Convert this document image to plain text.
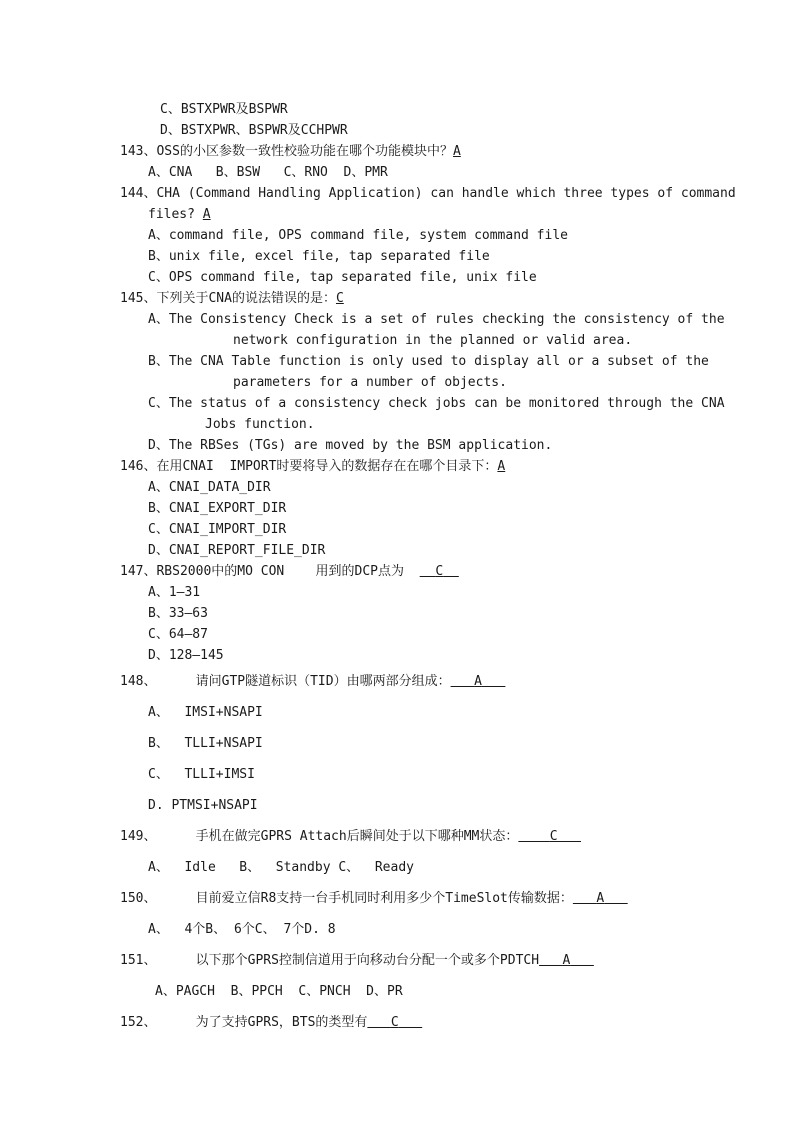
C、BSTXPWR及BSPWR
D、BSTXPWR、BSPWR及CCHPWR
143、OSS的小区参数一致性校验功能在哪个功能模块中？A
A、CNA   B、BSW   C、RNO  D、PMR
144、CHA (Command Handling Application) can handle which three types of command
files? A
A、command file, OPS command file, system command file
B、unix file, excel file, tap separated file
C、OPS command file, tap separated file, unix file
145、下列关于CNA的说法错误的是：C
A、The Consistency Check is a set of rules checking the consistency of the
network configuration in the planned or valid area.
B、The CNA Table function is only used to display all or a subset of the
parameters for a number of objects.
C、The status of a consistency check jobs can be monitored through the CNA
Jobs function.
D、The RBSes (TGs) are moved by the BSM application.
146、在用CNAI  IMPORT时要将导入的数据存在在哪个目录下：A
A、CNAI_DATA_DIR
B、CNAI_EXPORT_DIR
C、CNAI_IMPORT_DIR
D、CNAI_REPORT_FILE_DIR
147、RBS2000中的MO CON    用到的DCP点为    C
A、1—31
B、33—63
C、64—87
D、128—145
148、     请问GTP隧道标识（TID）由哪两部分组成： A
A、  IMSI+NSAPI
B、  TLLI+NSAPI
C、  TLLI+IMSI
D. PTMSI+NSAPI
149、     手机在做完GPRS Attach后瞬间处于以下哪种MM状态： C
A、  Idle   B、  Standby C、  Ready
150、     目前爱立信R8支持一台手机同时利用多少个TimeSlot传输数据： A
A、  4个B、 6个C、 7个D. 8
151、     以下那个GPRS控制信道用于向移动台分配一个或多个PDTCH A
A、PAGCH  B、PPCH  C、PNCH  D、PR
152、     为了支持GPRS，BTS的类型有 C
